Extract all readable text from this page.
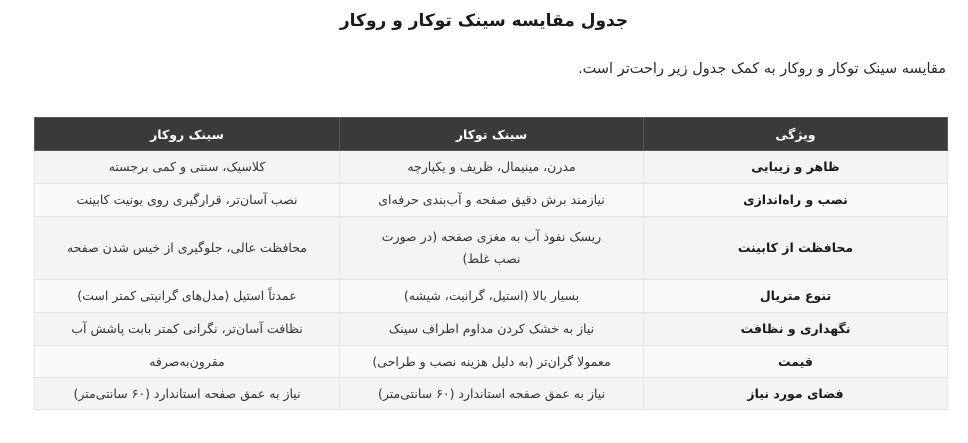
جدول مقایسه سینک توکار و روکار

مقایسه سینک توکار و روکار به کمک جدول زیر راحت‌تر است.

ویژگی	سینک توکار	سینک روکار
ظاهر و زیبایی	مدرن، مینیمال، ظریف و یکپارچه	کلاسیک، سنتی و کمی برجسته
نصب و راه‌اندازی	نیازمند برش دقیق صفحه و آب‌بندی حرفه‌ای	نصب آسان‌تر، قرارگیری روی یونیت کابینت
محافظت از کابینت	ریسک نفوذ آب به مغزی صفحه (در صورت نصب غلط)	محافظت عالی، جلوگیری از خیس شدن صفحه
تنوع متریال	بسیار بالا (استیل، گرانیت، شیشه)	عمدتاً استیل (مدل‌های گرانیتی کمتر است)
نگهداری و نظافت	نیاز به خشک کردن مداوم اطراف سینک	نظافت آسان‌تر، نگرانی کمتر بابت پاشش آب
قیمت	معمولا گران‌تر (به دلیل هزینه نصب و طراحی)	مقرون‌به‌صرفه
فضای مورد نیاز	نیاز به عمق صفحه استاندارد (۶۰ سانتی‌متر)	نیاز به عمق صفحه استاندارد (۶۰ سانتی‌متر)
